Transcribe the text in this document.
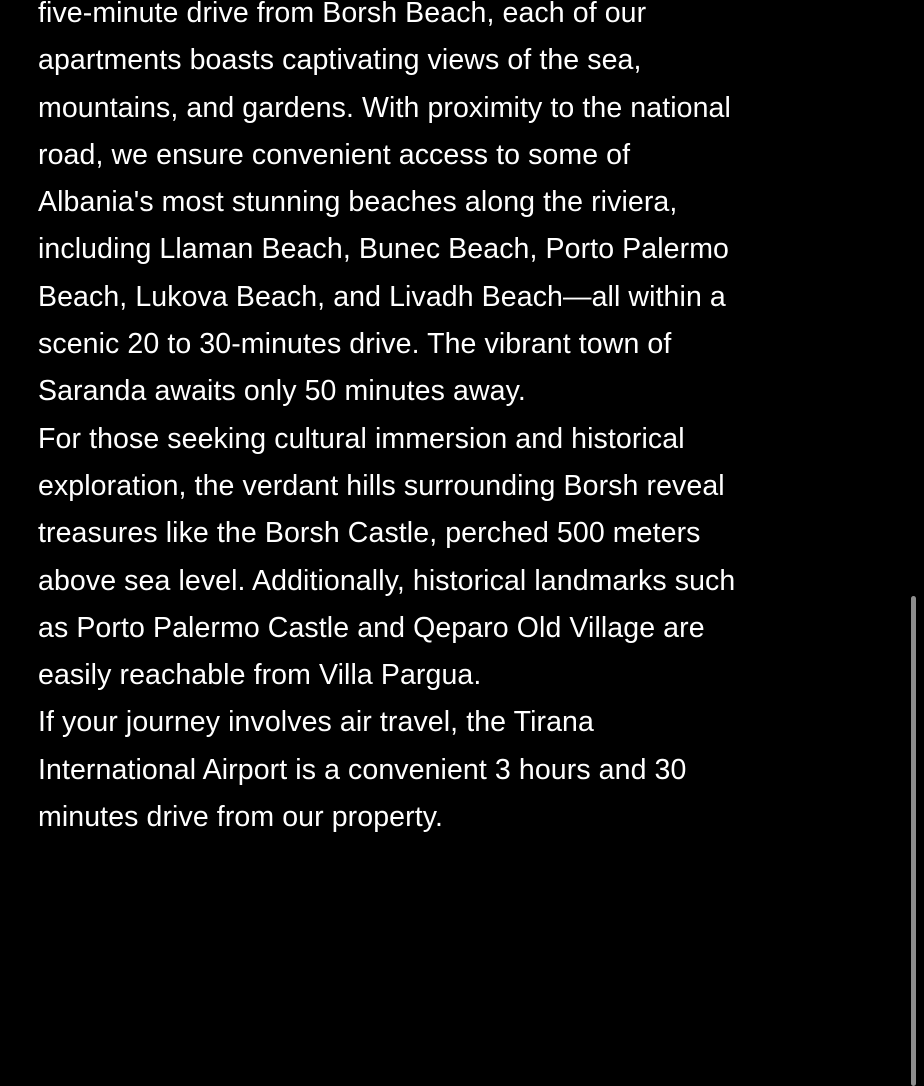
five-minute drive from Borsh Beach, each of our

apartments boasts captivating views of the sea,
mountains, and gardens. With proximity to the national
road, we ensure convenient access to some of
Albania's most stunning beaches along the riviera,
including Llaman Beach, Bunec Beach, Porto Palermo
Beach, Lukova Beach, and Livadh Beach—all within a
scenic 20 to 30-minutes drive. The vibrant town of
Saranda awaits only 50 minutes away.

For those seeking cultural immersion and historical
exploration, the verdant hills surrounding Borsh reveal
treasures like the Borsh Castle, perched 500 meters
above sea level. Additionally, historical landmarks such
as Porto Palermo Castle and Qeparo Old Village are
easily reachable from Villa Pargua.

If your journey involves air travel, the Tirana
International Airport is a convenient 3 hours and 30
minutes drive from our property.
